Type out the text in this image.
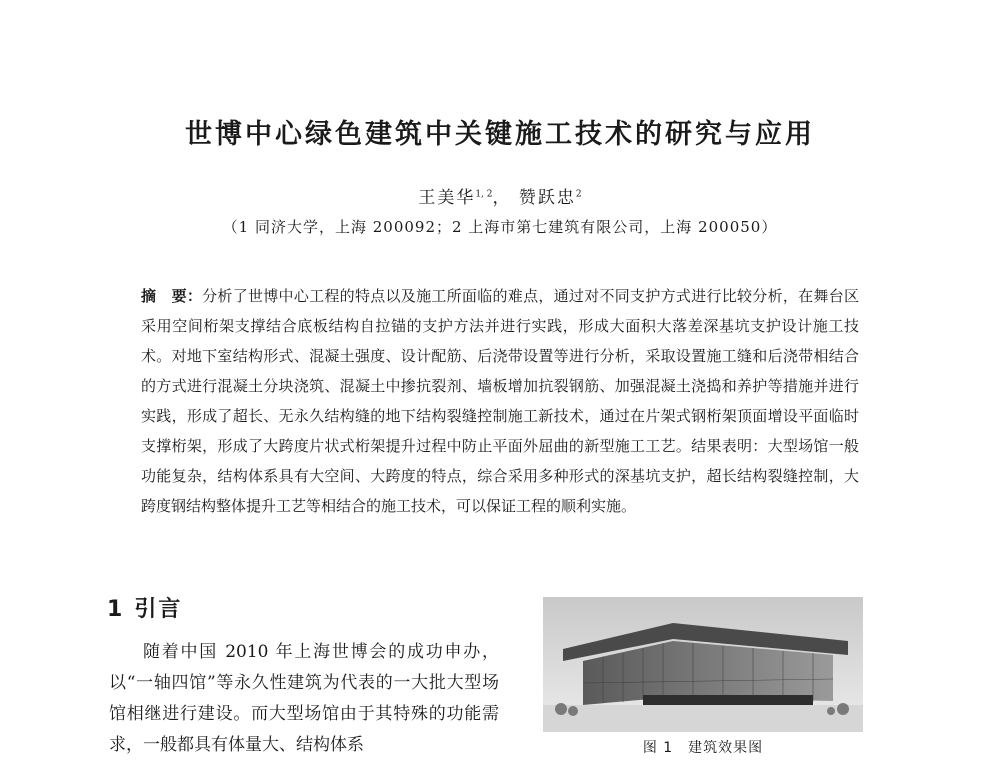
世博中心绿色建筑中关键施工技术的研究与应用
王美华$^{1, 2}$， 赞跃忠$^2$
（1 同济大学，上海 200092；2 上海市第七建筑有限公司，上海 200050）
摘　要：分析了世博中心工程的特点以及施工所面临的难点，通过对不同支护方式进行比较分析，在舞台区采用空间桁架支撑结合底板结构自拉锚的支护方法并进行实践，形成大面积大落差深基坑支护设计施工技术。对地下室结构形式、混凝土强度、设计配筋、后浇带设置等进行分析，采取设置施工缝和后浇带相结合的方式进行混凝土分块浇筑、混凝土中掺抗裂剂、墙板增加抗裂钢筋、加强混凝土浇捣和养护等措施并进行实践，形成了超长、无永久结构缝的地下结构裂缝控制施工新技术，通过在片架式钢桁架顶面增设平面临时支撑桁架，形成了大跨度片状式桁架提升过程中防止平面外屈曲的新型施工工艺。结果表明：大型场馆一般功能复杂，结构体系具有大空间、大跨度的特点，综合采用多种形式的深基坑支护，超长结构裂缝控制，大跨度钢结构整体提升工艺等相结合的施工技术，可以保证工程的顺利实施。
1 引言
随着中国 2010 年上海世博会的成功申办，以“一轴四馆”等永久性建筑为代表的一大批大型场馆相继进行建设。而大型场馆由于其特殊的功能需求，一般都具有体量大、结构体系	图 1　建筑效果图
